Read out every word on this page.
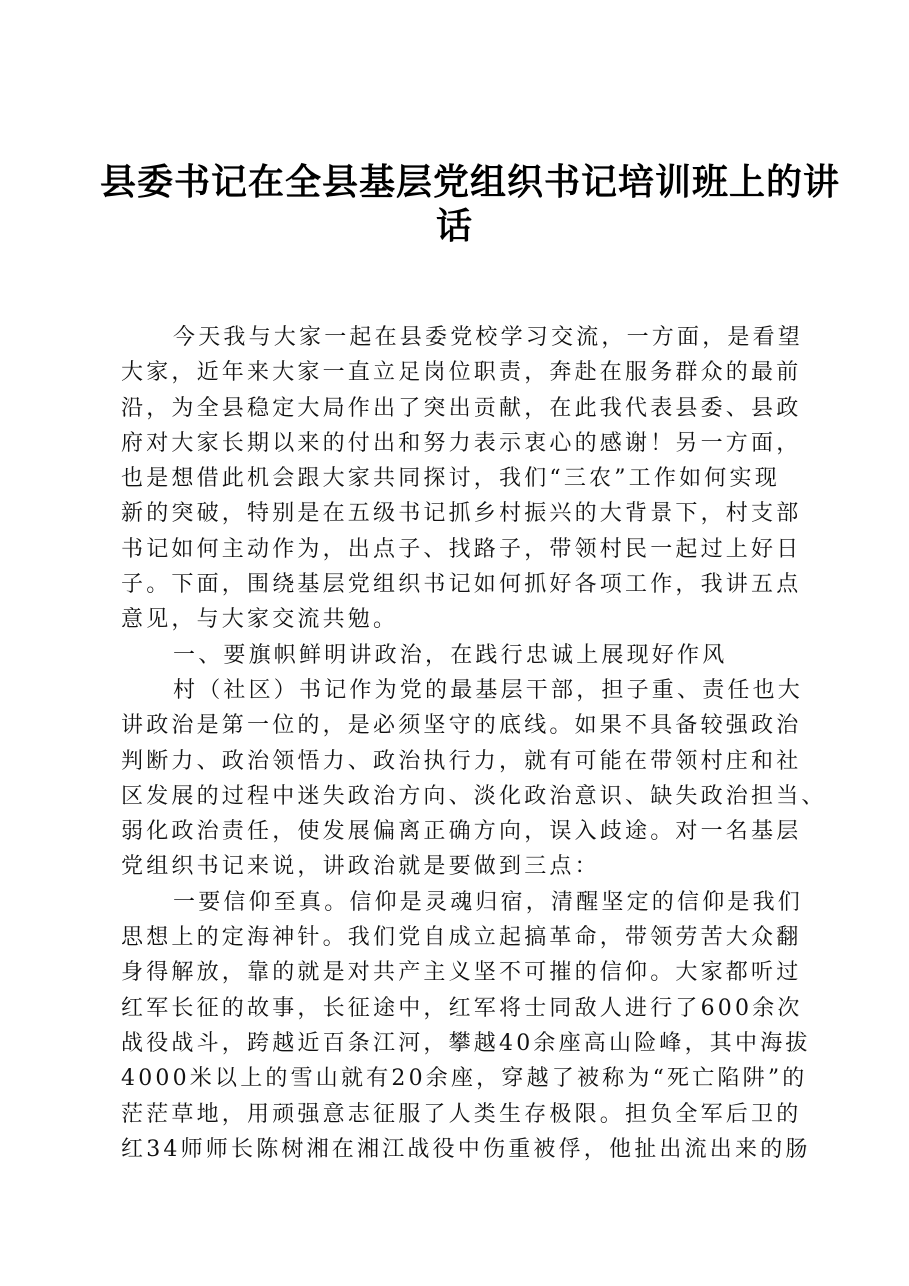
县委书记在全县基层党组织书记培训班上的讲
话
今天我与大家一起在县委党校学习交流，一方面，是看望
大家，近年来大家一直立足岗位职责，奔赴在服务群众的最前
沿，为全县稳定大局作出了突出贡献，在此我代表县委、县政
府对大家长期以来的付出和努力表示衷心的感谢！另一方面，
也是想借此机会跟大家共同探讨，我们“三农”工作如何实现
新的突破，特别是在五级书记抓乡村振兴的大背景下，村支部
书记如何主动作为，出点子、找路子，带领村民一起过上好日
子。下面，围绕基层党组织书记如何抓好各项工作，我讲五点
意见，与大家交流共勉。
一、要旗帜鲜明讲政治，在践行忠诚上展现好作风
村（社区）书记作为党的最基层干部，担子重、责任也大
讲政治是第一位的，是必须坚守的底线。如果不具备较强政治
判断力、政治领悟力、政治执行力，就有可能在带领村庄和社
区发展的过程中迷失政治方向、淡化政治意识、缺失政治担当、
弱化政治责任，使发展偏离正确方向，误入歧途。对一名基层
党组织书记来说，讲政治就是要做到三点：
一要信仰至真。信仰是灵魂归宿，清醒坚定的信仰是我们
思想上的定海神针。我们党自成立起搞革命，带领劳苦大众翻
身得解放，靠的就是对共产主义坚不可摧的信仰。大家都听过
红军长征的故事，长征途中，红军将士同敌人进行了600余次
战役战斗，跨越近百条江河，攀越40余座高山险峰，其中海拔
4000米以上的雪山就有20余座，穿越了被称为“死亡陷阱”的
茫茫草地，用顽强意志征服了人类生存极限。担负全军后卫的
红34师师长陈树湘在湘江战役中伤重被俘，他扯出流出来的肠
